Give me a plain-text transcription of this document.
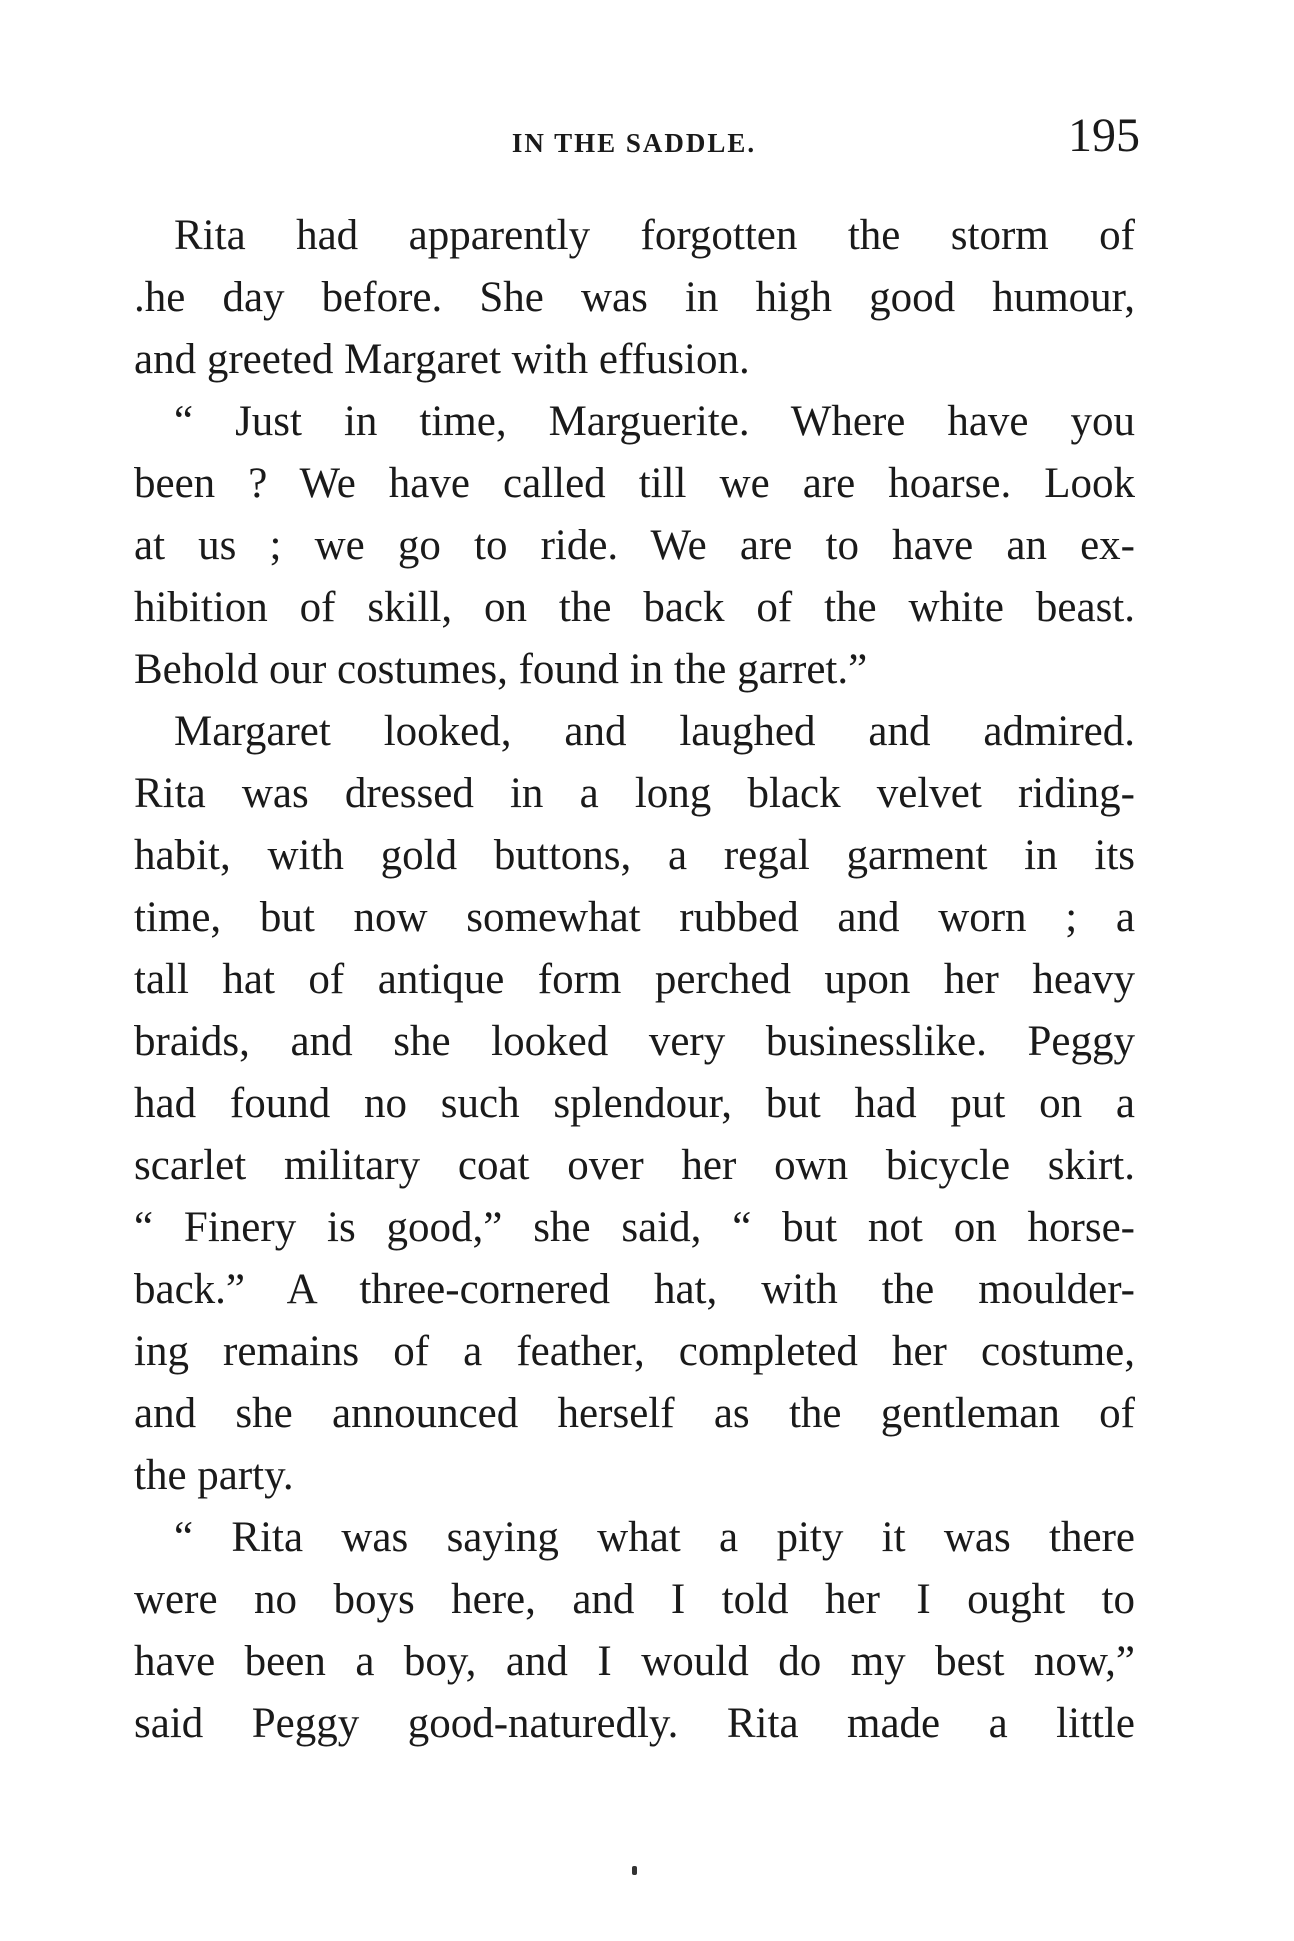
IN THE SADDLE.	195
Rita had apparently forgotten the storm of
.he day before. She was in high good humour,
and greeted Margaret with effusion.
“ Just in time, Marguerite. Where have you
been ? We have called till we are hoarse. Look
at us ; we go to ride. We are to have an ex-
hibition of skill, on the back of the white beast.
Behold our costumes, found in the garret.”
Margaret looked, and laughed and admired.
Rita was dressed in a long black velvet riding-
habit, with gold buttons, a regal garment in its
time, but now somewhat rubbed and worn ; a
tall hat of antique form perched upon her heavy
braids, and she looked very businesslike. Peggy
had found no such splendour, but had put on a
scarlet military coat over her own bicycle skirt.
“ Finery is good,” she said, “ but not on horse-
back.” A three-cornered hat, with the moulder-
ing remains of a feather, completed her costume,
and she announced herself as the gentleman of
the party.
“ Rita was saying what a pity it was there
were no boys here, and I told her I ought to
have been a boy, and I would do my best now,”
said Peggy good-naturedly. Rita made a little
